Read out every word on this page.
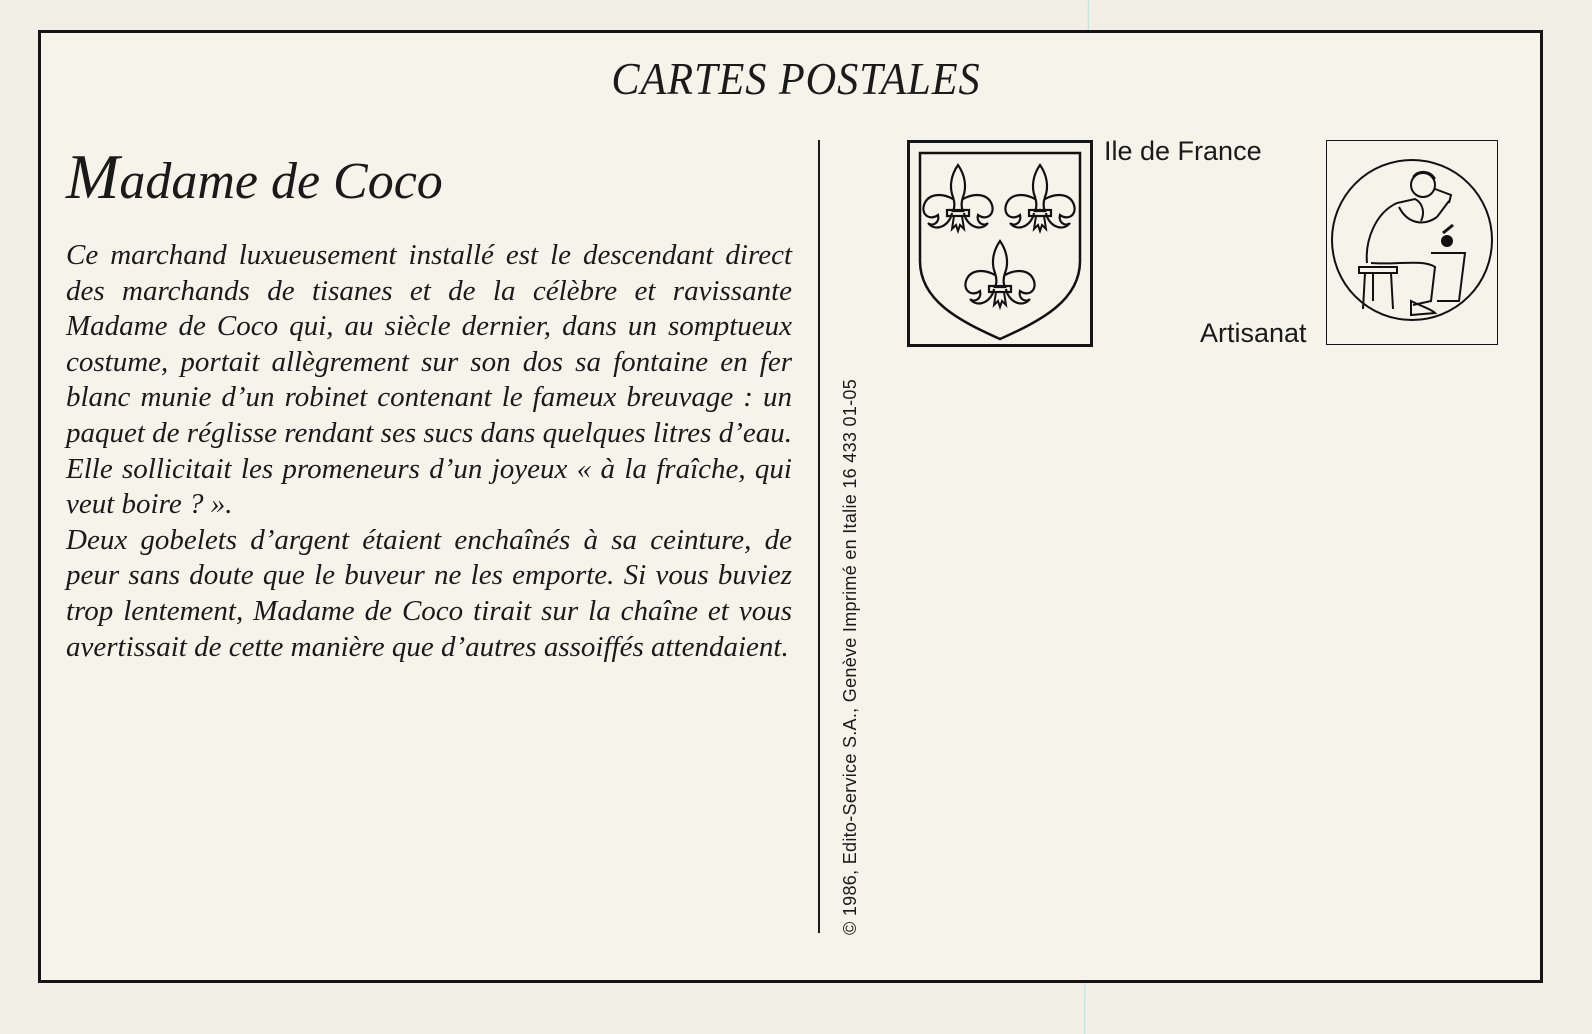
CARTES POSTALES
Madame de Coco

Ce marchand luxueusement installé est le descendant direct des marchands de tisanes et de la célèbre et ravissante Madame de Coco qui, au siècle dernier, dans un somptueux costume, portait allègrement sur son dos sa fontaine en fer blanc munie d’un robinet contenant le fameux breuvage : un paquet de réglisse rendant ses sucs dans quelques litres d’eau. Elle sollicitait les promeneurs d’un joyeux « à la fraîche, qui veut boire ? ».

Deux gobelets d’argent étaient enchaînés à sa ceinture, de peur sans doute que le buveur ne les emporte. Si vous buviez trop lentement, Madame de Coco tirait sur la chaîne et vous avertissait de cette manière que d’autres assoiffés attendaient.	© 1986, Edito-Service S.A., Genève Imprimé en Italie 16 433 01-05
Ile de France
Artisanat
